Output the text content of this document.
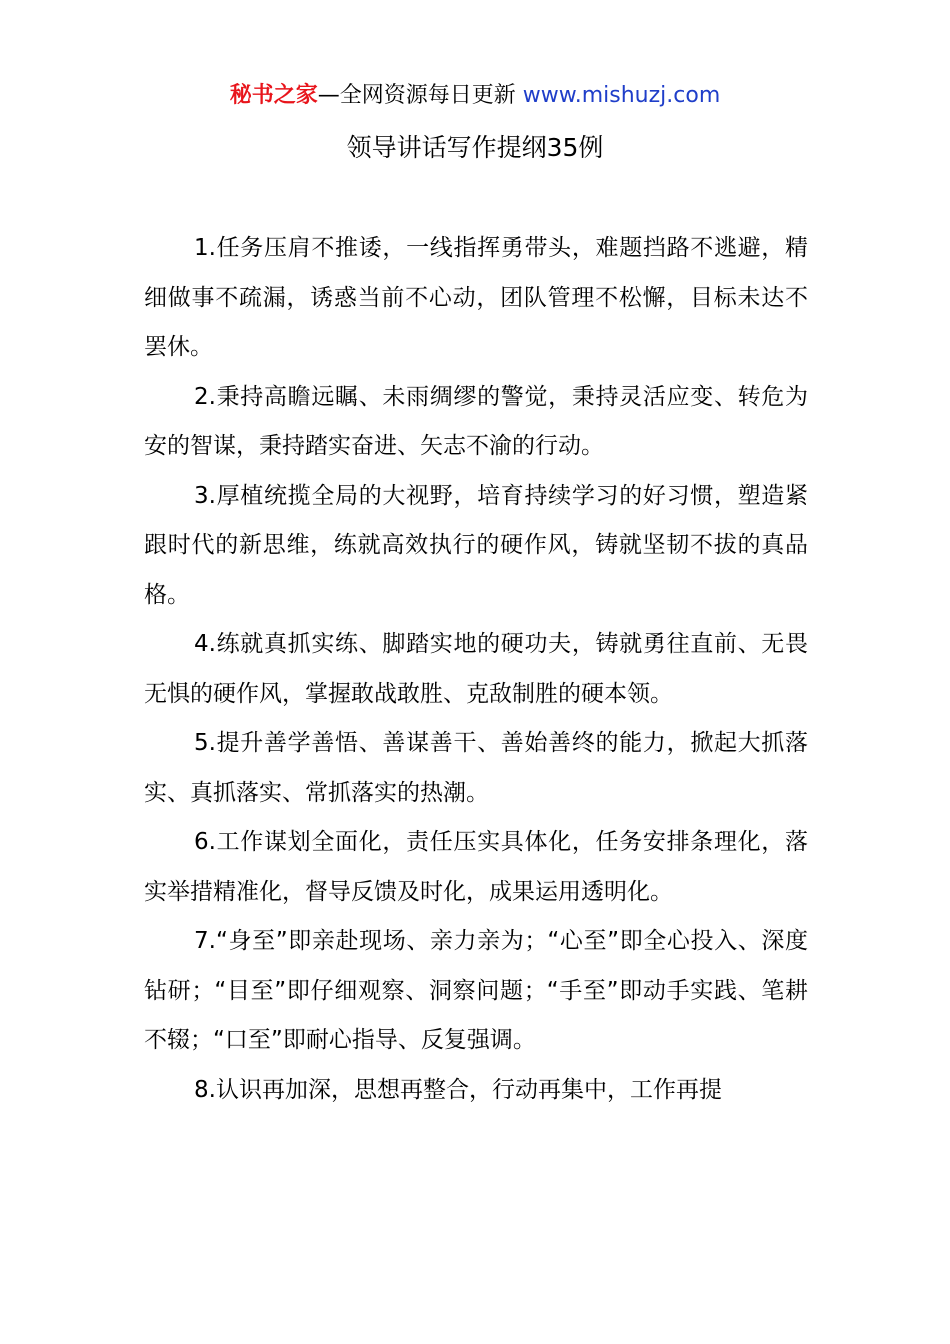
秘书之家—全网资源每日更新 www.mishuzj.com
领导讲话写作提纲35例

1.任务压肩不推诿，一线指挥勇带头，难题挡路不逃避，精细做事不疏漏，诱惑当前不心动，团队管理不松懈，目标未达不罢休。

2.秉持高瞻远瞩、未雨绸缪的警觉，秉持灵活应变、转危为安的智谋，秉持踏实奋进、矢志不渝的行动。

3.厚植统揽全局的大视野，培育持续学习的好习惯，塑造紧跟时代的新思维，练就高效执行的硬作风，铸就坚韧不拔的真品格。

4.练就真抓实练、脚踏实地的硬功夫，铸就勇往直前、无畏无惧的硬作风，掌握敢战敢胜、克敌制胜的硬本领。

5.提升善学善悟、善谋善干、善始善终的能力，掀起大抓落实、真抓落实、常抓落实的热潮。

6.工作谋划全面化，责任压实具体化，任务安排条理化，落实举措精准化，督导反馈及时化，成果运用透明化。

7.“身至”即亲赴现场、亲力亲为；“心至”即全心投入、深度钻研；“目至”即仔细观察、洞察问题；“手至”即动手实践、笔耕不辍；“口至”即耐心指导、反复强调。

8.认识再加深，思想再整合，行动再集中，工作再提
